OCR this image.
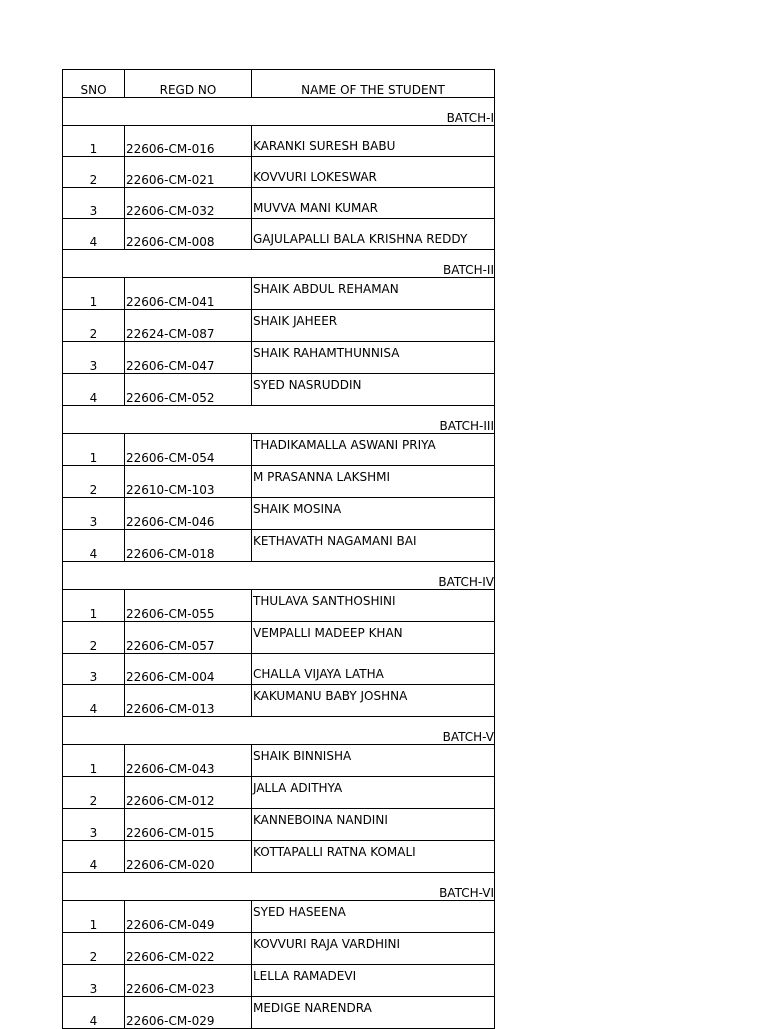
SNO	REGD NO	NAME OF THE STUDENT
BATCH-I		
1	22606-CM-016	KARANKI SURESH BABU
2	22606-CM-021	KOVVURI LOKESWAR
3	22606-CM-032	MUVVA MANI KUMAR
4	22606-CM-008	GAJULAPALLI BALA KRISHNA REDDY
BATCH-II		
1	22606-CM-041	SHAIK ABDUL REHAMAN
2	22624-CM-087	SHAIK JAHEER
3	22606-CM-047	SHAIK RAHAMTHUNNISA
4	22606-CM-052	SYED NASRUDDIN
BATCH-III		
1	22606-CM-054	THADIKAMALLA ASWANI PRIYA
2	22610-CM-103	M PRASANNA LAKSHMI
3	22606-CM-046	SHAIK MOSINA
4	22606-CM-018	KETHAVATH NAGAMANI BAI
BATCH-IV		
1	22606-CM-055	THULAVA SANTHOSHINI
2	22606-CM-057	VEMPALLI MADEEP KHAN
3	22606-CM-004	CHALLA VIJAYA LATHA
4	22606-CM-013	KAKUMANU BABY JOSHNA
BATCH-V		
1	22606-CM-043	SHAIK BINNISHA
2	22606-CM-012	JALLA ADITHYA
3	22606-CM-015	KANNEBOINA NANDINI
4	22606-CM-020	KOTTAPALLI RATNA KOMALI
BATCH-VI		
1	22606-CM-049	SYED HASEENA
2	22606-CM-022	KOVVURI RAJA VARDHINI
3	22606-CM-023	LELLA RAMADEVI
4	22606-CM-029	MEDIGE NARENDRA
